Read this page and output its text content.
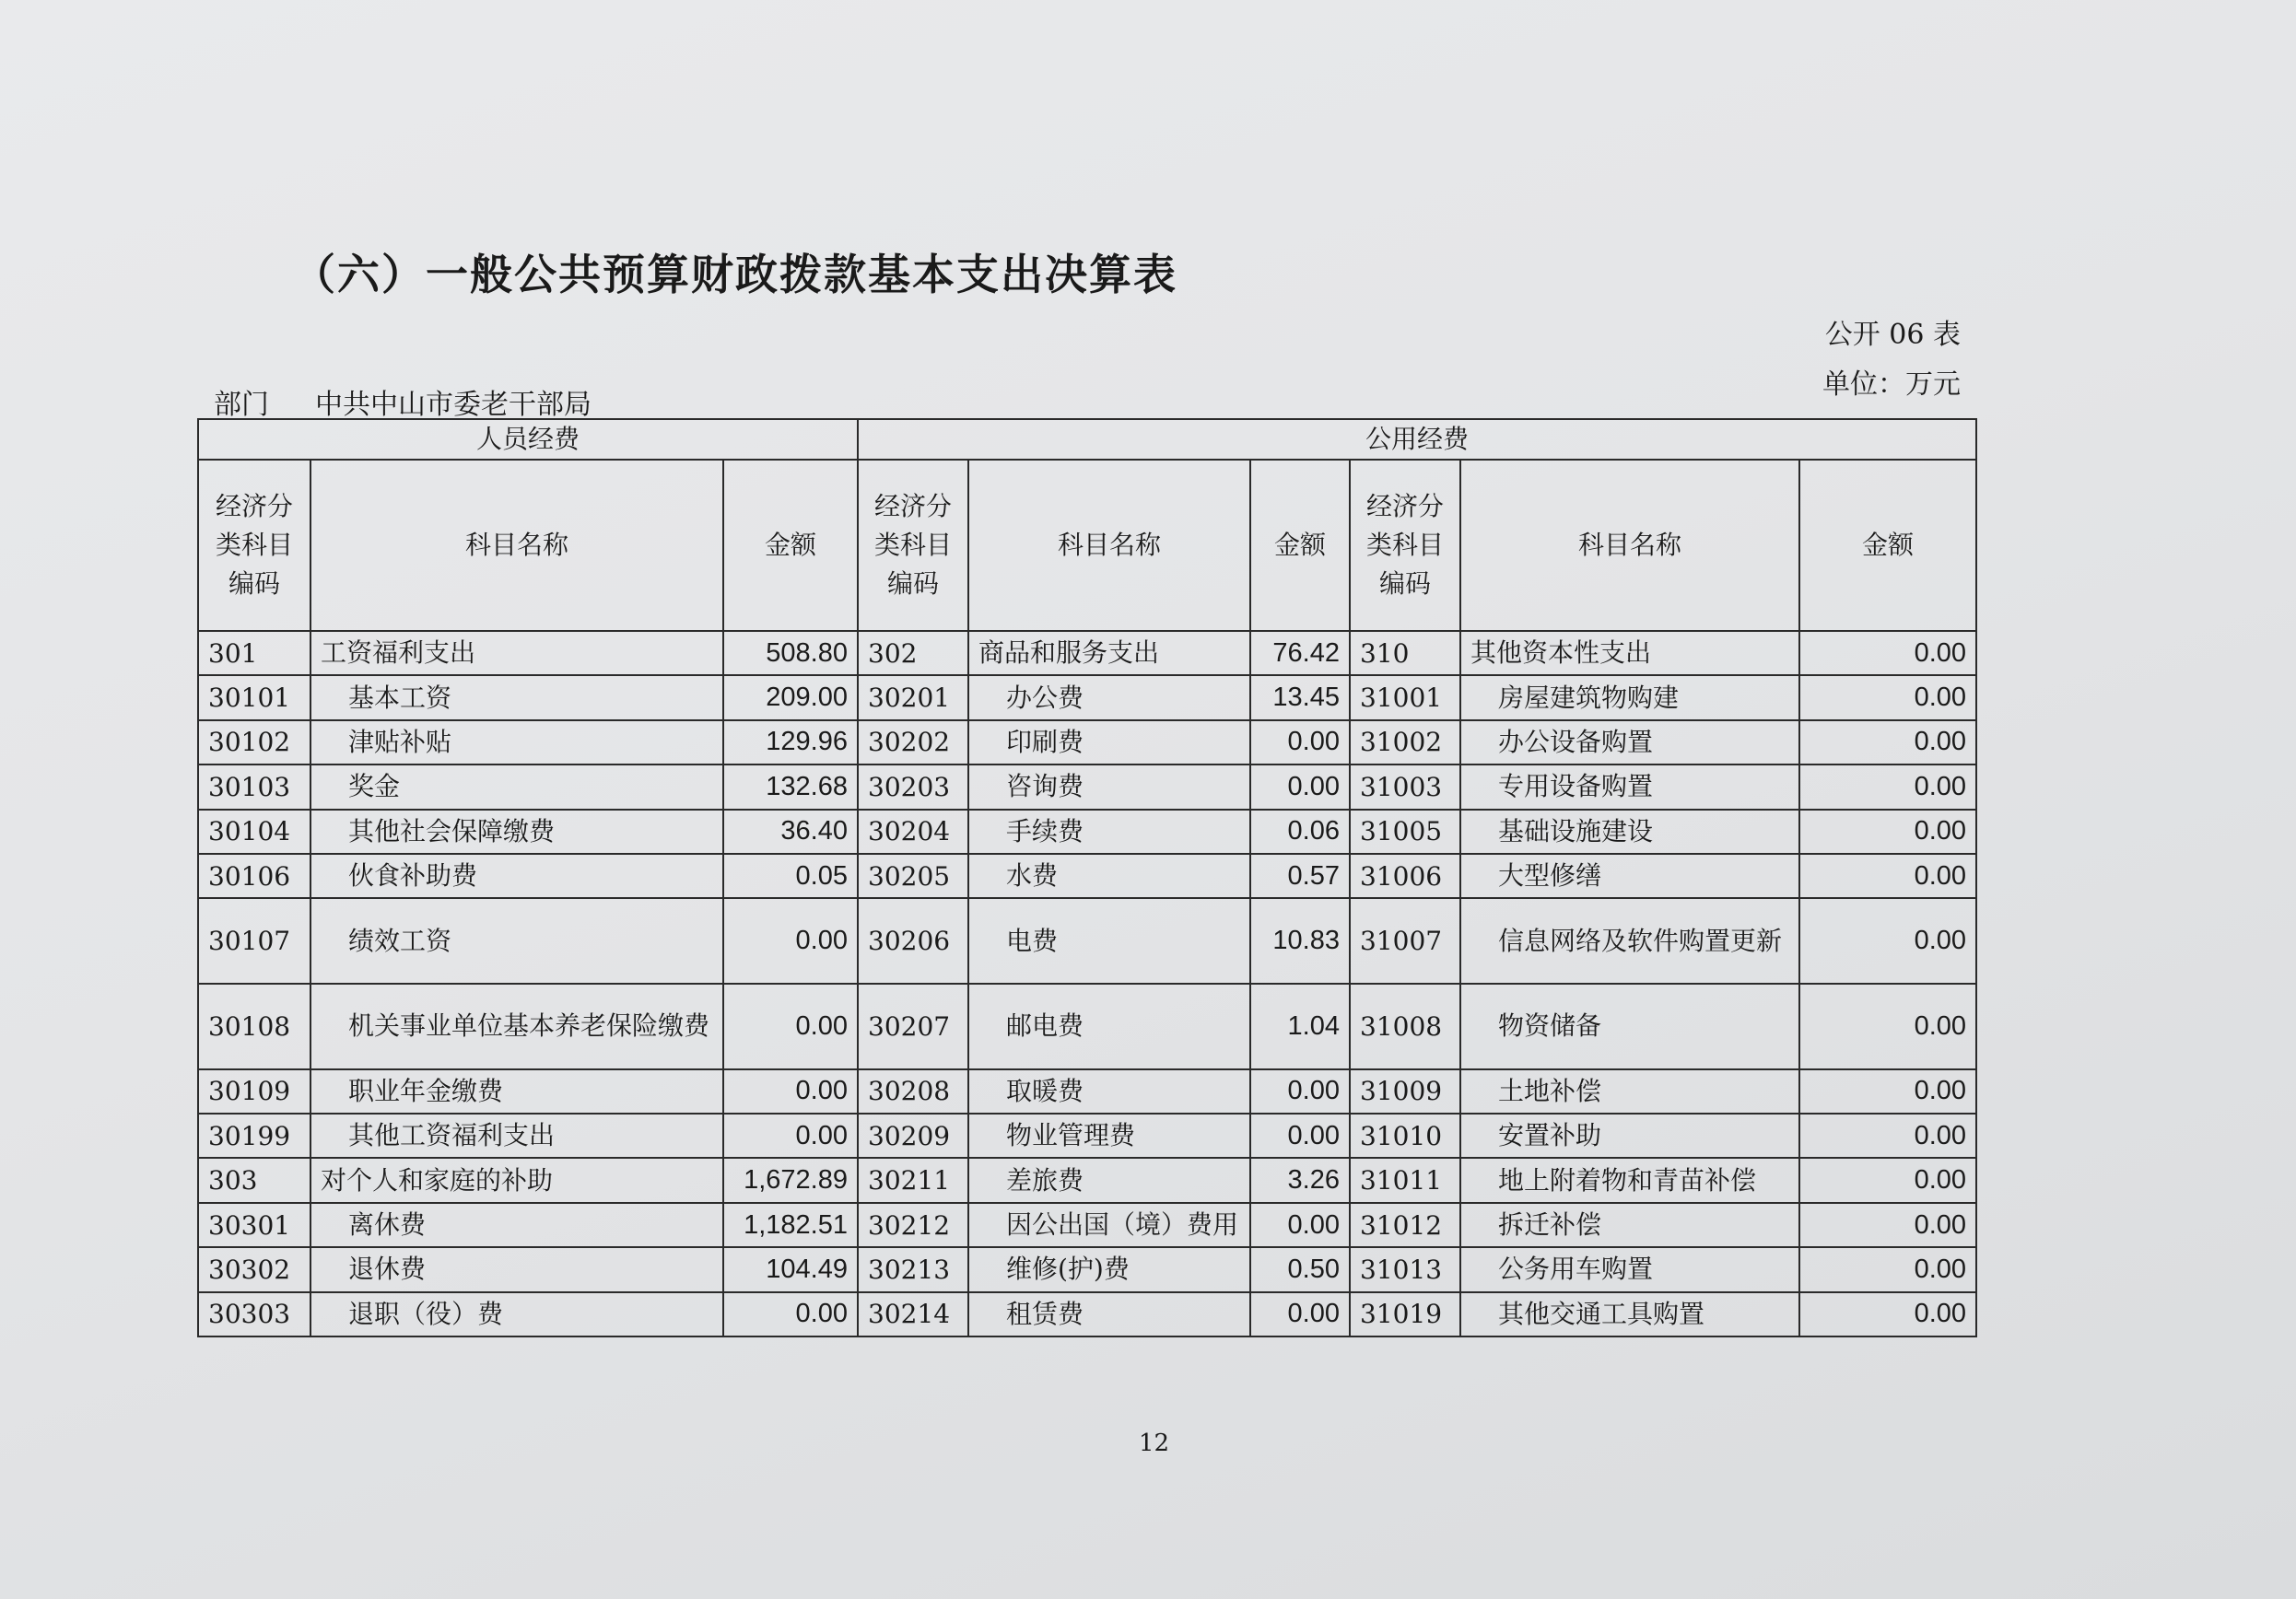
（六）一般公共预算财政拨款基本支出决算表
公开 06 表
单位：万元
部门 中共中山市委老干部局
人员经费			公用经费					
经济分类科目编码	科目名称	金额	经济分类科目编码	科目名称	金额	经济分类科目编码	科目名称	金额
301	工资福利支出	508.80	302	商品和服务支出	76.42	310	其他资本性支出	0.00
30101	基本工资	209.00	30201	办公费	13.45	31001	房屋建筑物购建	0.00
30102	津贴补贴	129.96	30202	印刷费	0.00	31002	办公设备购置	0.00
30103	奖金	132.68	30203	咨询费	0.00	31003	专用设备购置	0.00
30104	其他社会保障缴费	36.40	30204	手续费	0.06	31005	基础设施建设	0.00
30106	伙食补助费	0.05	30205	水费	0.57	31006	大型修缮	0.00
30107	绩效工资	0.00	30206	电费	10.83	31007	信息网络及软件购置更新	0.00
30108	机关事业单位基本养老保险缴费	0.00	30207	邮电费	1.04	31008	物资储备	0.00
30109	职业年金缴费	0.00	30208	取暖费	0.00	31009	土地补偿	0.00
30199	其他工资福利支出	0.00	30209	物业管理费	0.00	31010	安置补助	0.00
303	对个人和家庭的补助	1,672.89	30211	差旅费	3.26	31011	地上附着物和青苗补偿	0.00
30301	离休费	1,182.51	30212	因公出国（境）费用	0.00	31012	拆迁补偿	0.00
30302	退休费	104.49	30213	维修(护)费	0.50	31013	公务用车购置	0.00
30303	退职（役）费	0.00	30214	租赁费	0.00	31019	其他交通工具购置	0.00
12
